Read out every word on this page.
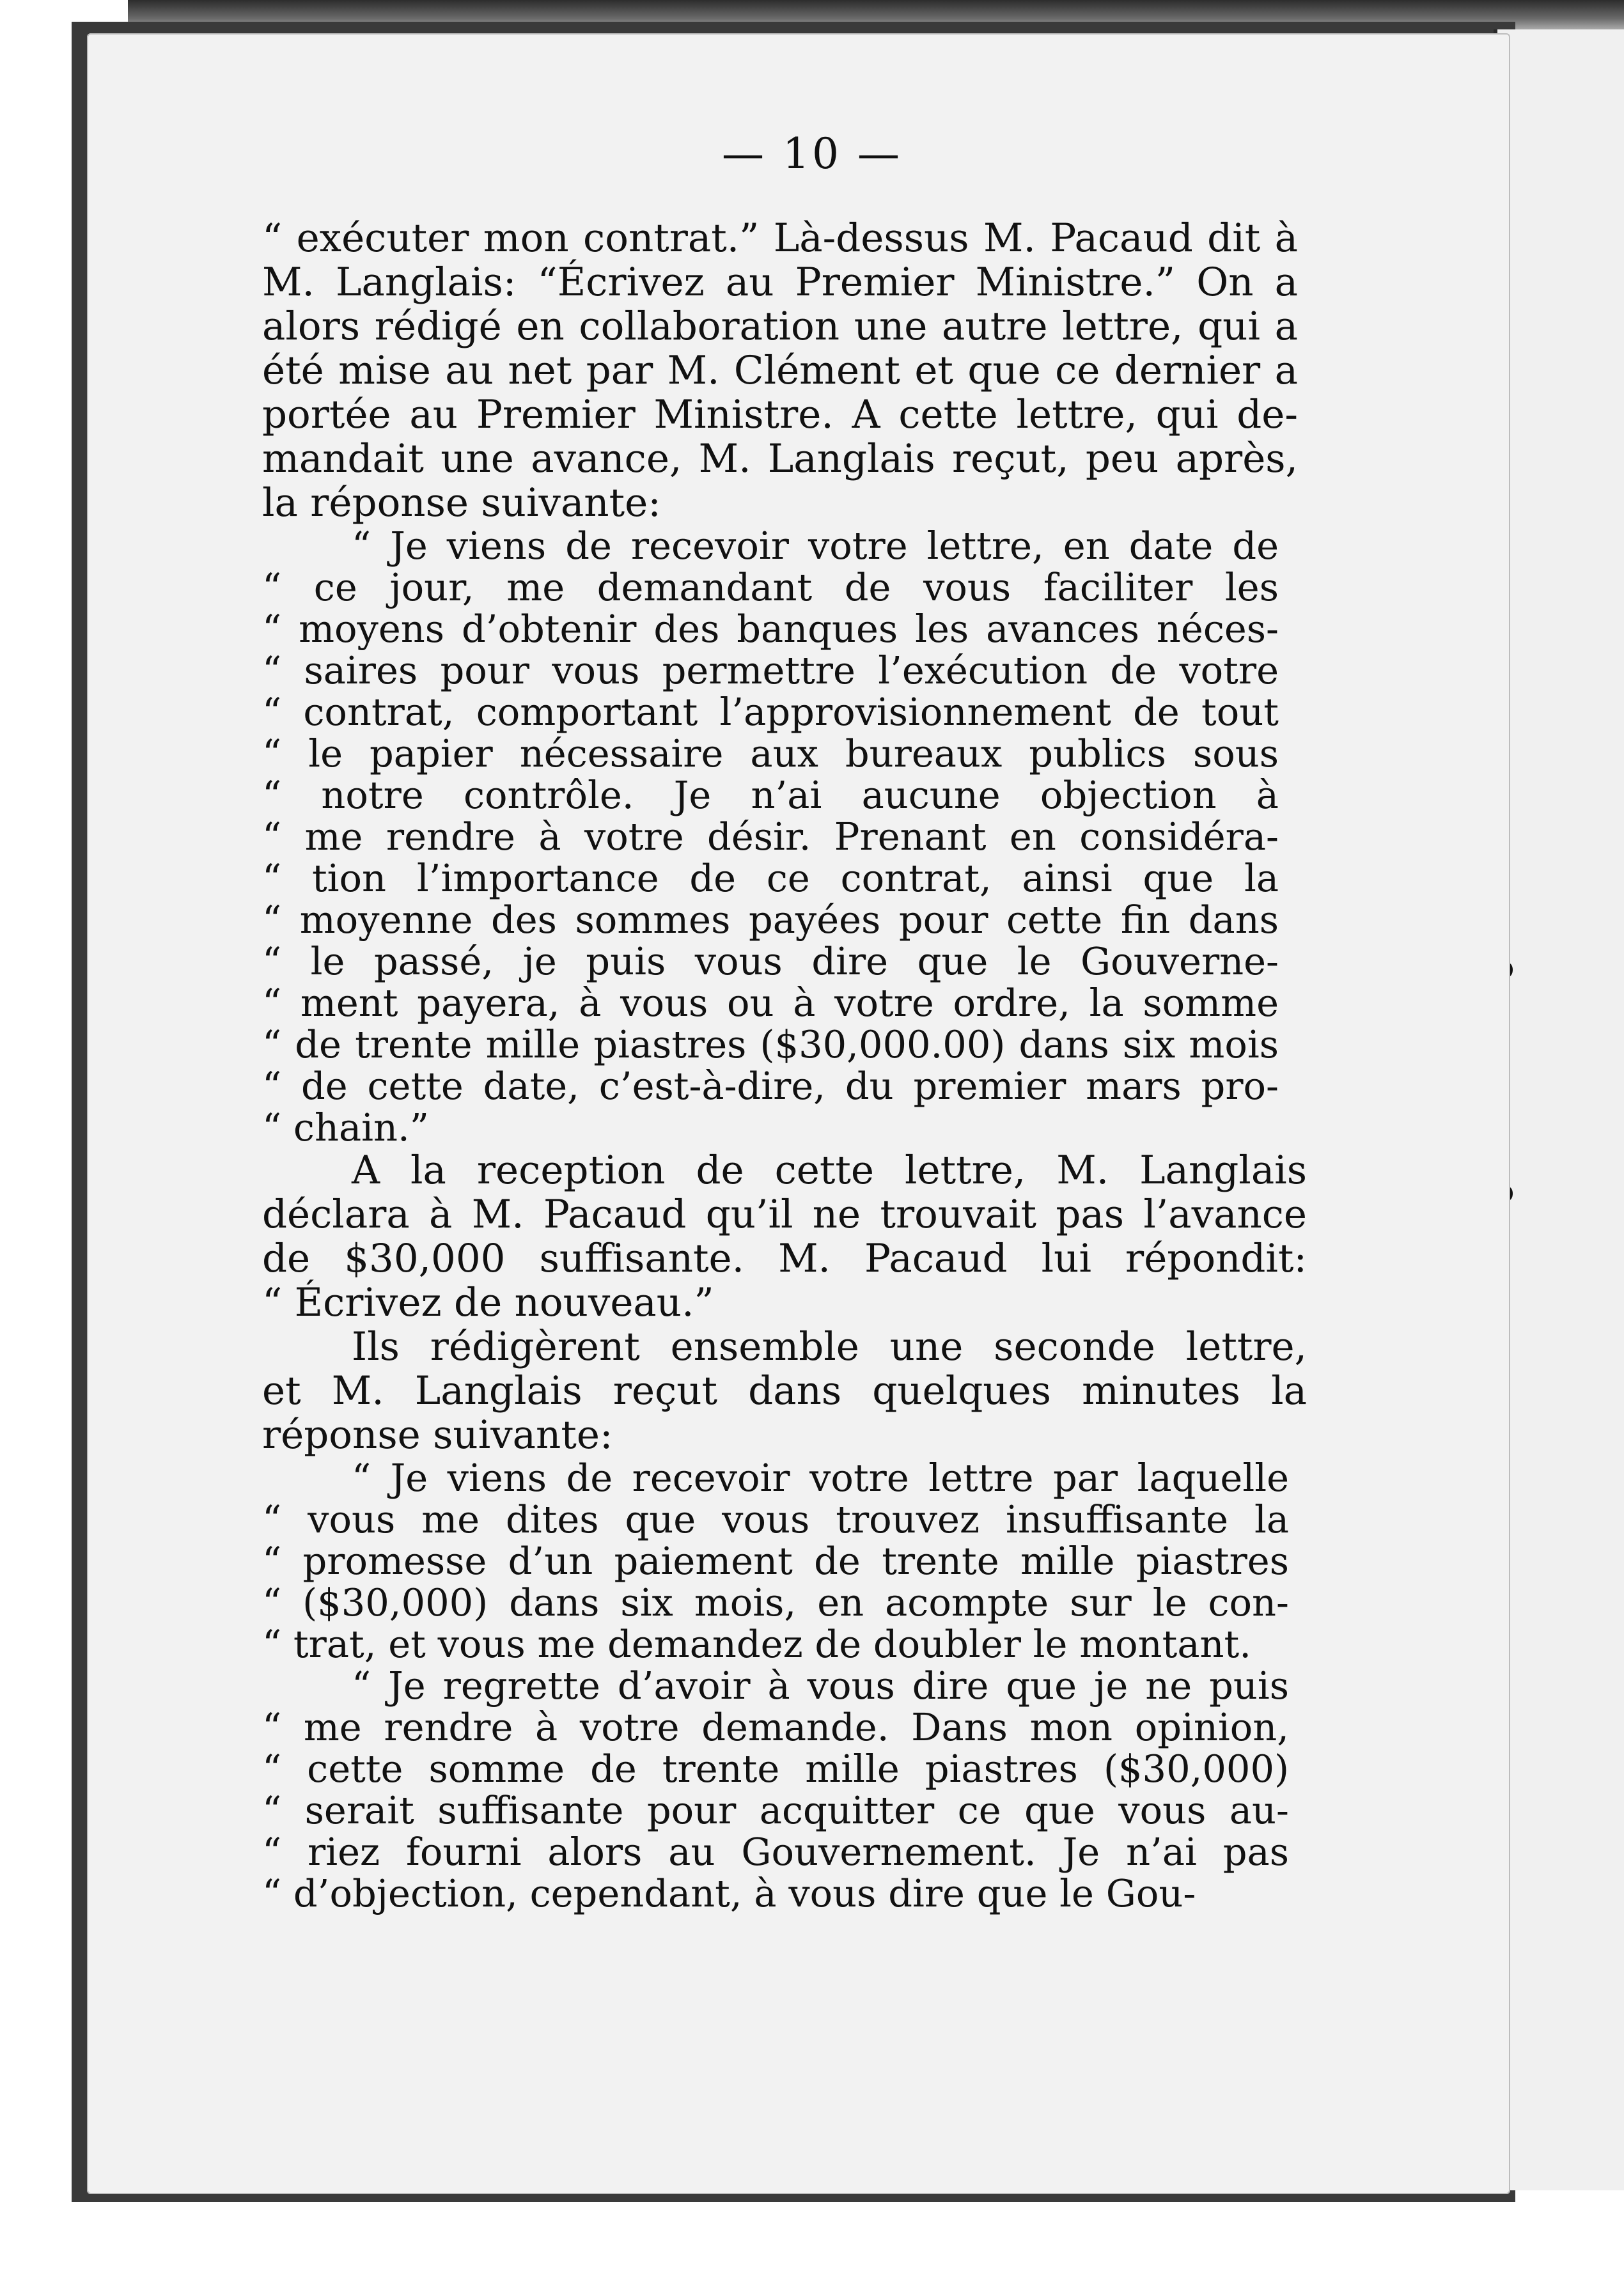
— 10 —

“ exécuter mon contrat.” Là-dessus M. Pacaud dit à
M. Langlais: “Écrivez au Premier Ministre.” On a
alors rédigé en collaboration une autre lettre, qui a
été mise au net par M. Clément et que ce dernier a
portée au Premier Ministre. A cette lettre, qui de-
mandait une avance, M. Langlais reçut, peu après,
la réponse suivante:

“ Je viens de recevoir votre lettre, en date de
“ ce jour, me demandant de vous faciliter les
“ moyens d’obtenir des banques les avances néces-
“ saires pour vous permettre l’exécution de votre
“ contrat, comportant l’approvisionnement de tout
“ le papier nécessaire aux bureaux publics sous
“ notre contrôle. Je n’ai aucune objection à
“ me rendre à votre désir. Prenant en considéra-
“ tion l’importance de ce contrat, ainsi que la
“ moyenne des sommes payées pour cette fin dans
“ le passé, je puis vous dire que le Gouverne-
“ ment payera, à vous ou à votre ordre, la somme
“ de trente mille piastres ($30,000.00) dans six mois
“ de cette date, c’est-à-dire, du premier mars pro-
“ chain.”

A la reception de cette lettre, M. Langlais
déclara à M. Pacaud qu’il ne trouvait pas l’avance
de $30,000 suffisante. M. Pacaud lui répondit:
“ Écrivez de nouveau.”

Ils rédigèrent ensemble une seconde lettre,
et M. Langlais reçut dans quelques minutes la
réponse suivante:

“ Je viens de recevoir votre lettre par laquelle
“ vous me dites que vous trouvez insuffisante la
“ promesse d’un paiement de trente mille piastres
“ ($30,000) dans six mois, en acompte sur le con-
“ trat, et vous me demandez de doubler le montant.

“ Je regrette d’avoir à vous dire que je ne puis
“ me rendre à votre demande. Dans mon opinion,
“ cette somme de trente mille piastres ($30,000)
“ serait suffisante pour acquitter ce que vous au-
“ riez fourni alors au Gouvernement. Je n’ai pas
“ d’objection, cependant, à vous dire que le Gou-
